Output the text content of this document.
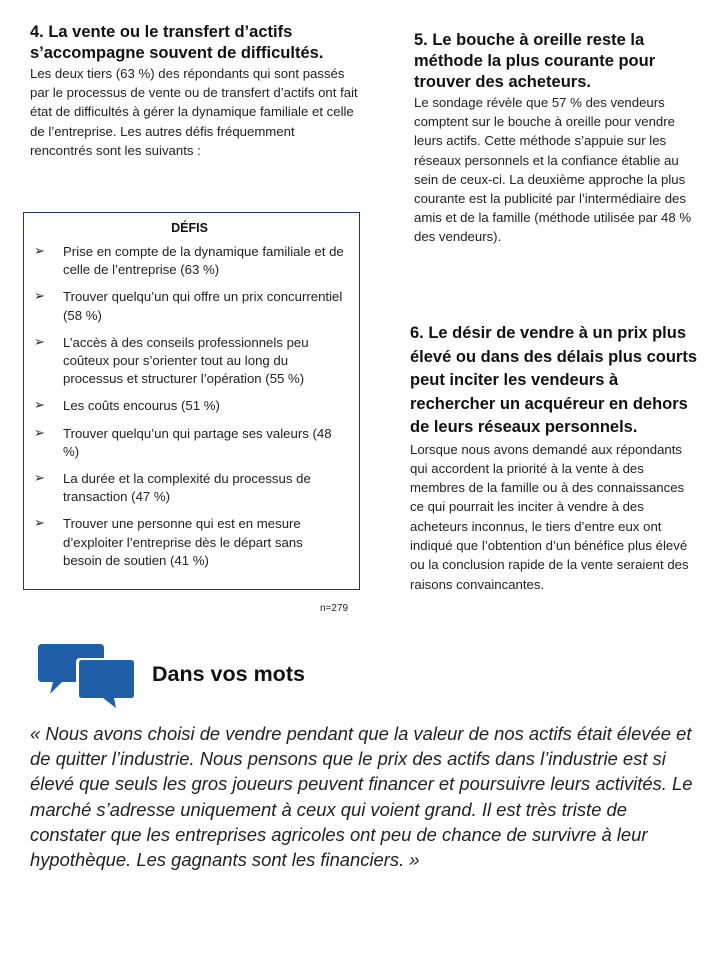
4. La vente ou le transfert d’actifs
s’accompagne souvent de difficultés.

Les deux tiers (63 %) des répondants qui sont passés par le processus de vente ou de transfert d’actifs ont fait état de difficultés à gérer la dynamique familiale et celle de l’entreprise. Les autres défis fréquemment rencontrés sont les suivants :

DÉFIS

➢ Prise en compte de la dynamique familiale et de celle de l’entreprise (63 %)
➢ Trouver quelqu’un qui offre un prix concurrentiel (58 %)
➢ L’accès à des conseils professionnels peu coûteux pour s’orienter tout au long du processus et structurer l’opération (55 %)
➢ Les coûts encourus (51 %)
➢ Trouver quelqu’un qui partage ses valeurs (48 %)
➢ La durée et la complexité du processus de transaction (47 %)
➢ Trouver une personne qui est en mesure d’exploiter l’entreprise dès le départ sans besoin de soutien (41 %)
n=279

5. Le bouche à oreille reste la
méthode la plus courante pour
trouver des acheteurs.

Le sondage révèle que 57 % des vendeurs comptent sur le bouche à oreille pour vendre leurs actifs. Cette méthode s’appuie sur les réseaux personnels et la confiance établie au sein de ceux-ci. La deuxième approche la plus courante est la publicité par l’intermédiaire des amis et de la famille (méthode utilisée par 48 % des vendeurs).

6. Le désir de vendre à un prix plus
élevé ou dans des délais plus courts
peut inciter les vendeurs à
rechercher un acquéreur en dehors
de leurs réseaux personnels.

Lorsque nous avons demandé aux répondants qui accordent la priorité à la vente à des membres de la famille ou à des connaissances ce qui pourrait les inciter à vendre à des acheteurs inconnus, le tiers d’entre eux ont indiqué que l’obtention d’un bénéfice plus élevé ou la conclusion rapide de la vente seraient des raisons convaincantes.

Dans vos mots

« Nous avons choisi de vendre pendant que la valeur de nos actifs était élevée et de quitter l’industrie. Nous pensons que le prix des actifs dans l’industrie est si élevé que seuls les gros joueurs peuvent financer et poursuivre leurs activités. Le marché s’adresse uniquement à ceux qui voient grand. Il est très triste de constater que les entreprises agricoles ont peu de chance de survivre à leur hypothèque. Les gagnants sont les financiers. »
